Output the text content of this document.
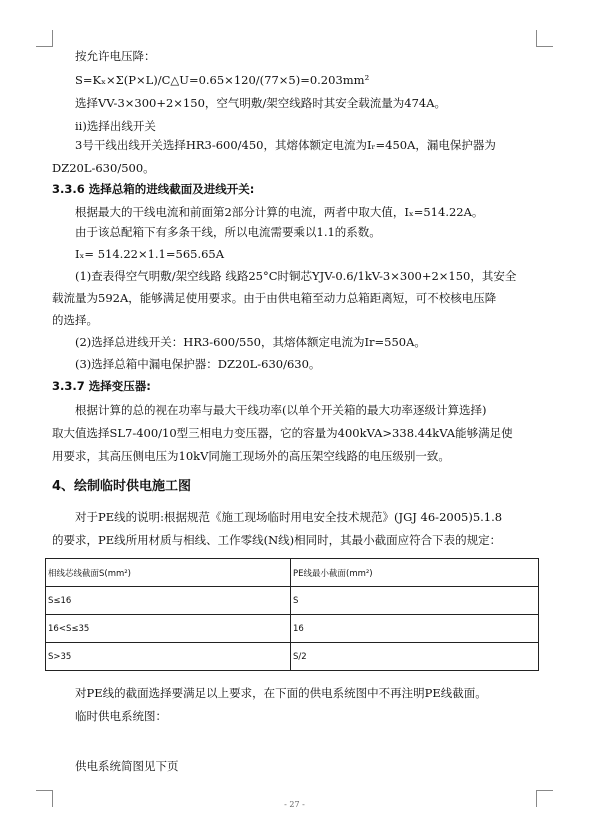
按允许电压降：
S=Kₓ×Σ(P×L)/C△U=0.65×120/(77×5)=0.203mm²
选择VV-3×300+2×150，空气明敷/架空线路时其安全载流量为474A。
ii)选择出线开关
3号干线出线开关选择HR3-600/450，其熔体额定电流为Iᵣ=450A，漏电保护器为
DZ20L-630/500。
3.3.6 选择总箱的进线截面及进线开关:
根据最大的干线电流和前面第2部分计算的电流，两者中取大值，Iₓ=514.22A。
由于该总配箱下有多条干线，所以电流需要乘以1.1的系数。
Iₓ= 514.22×1.1=565.65A
(1)查表得空气明敷/架空线路 线路25°C时铜芯YJV-0.6/1kV-3×300+2×150，其安全
载流量为592A，能够满足使用要求。由于由供电箱至动力总箱距离短，可不校核电压降
的选择。
(2)选择总进线开关：HR3-600/550，其熔体额定电流为Ir=550A。
(3)选择总箱中漏电保护器：DZ20L-630/630。
3.3.7 选择变压器:
根据计算的总的视在功率与最大干线功率(以单个开关箱的最大功率逐级计算选择)
取大值选择SL7-400/10型三相电力变压器，它的容量为400kVA>338.44kVA能够满足使
用要求，其高压侧电压为10kV同施工现场外的高压架空线路的电压级别一致。
4、绘制临时供电施工图
对于PE线的说明:根据规范《施工现场临时用电安全技术规范》(JGJ 46-2005)5.1.8
的要求，PE线所用材质与相线、工作零线(N线)相同时，其最小截面应符合下表的规定：
相线芯线截面S(mm²)	PE线最小截面(mm²)
S≤16	S
16<S≤35	16
S>35	S/2
对PE线的截面选择要满足以上要求，在下面的供电系统图中不再注明PE线截面。
临时供电系统图：
供电系统简图见下页
- 27 -
